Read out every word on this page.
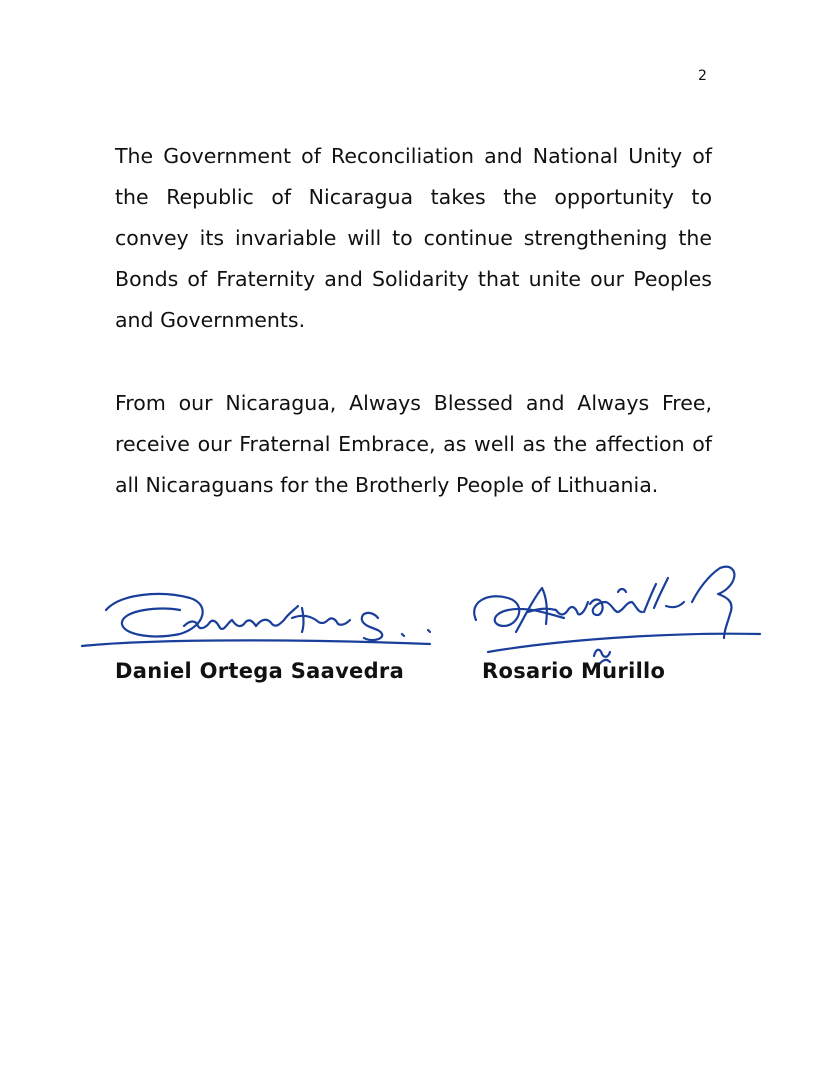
2

The Government of Reconciliation and National Unity of the Republic of Nicaragua takes the opportunity to convey its invariable will to continue strengthening the Bonds of Fraternity and Solidarity that unite our Peoples and Governments.

From our Nicaragua, Always Blessed and Always Free, receive our Fraternal Embrace, as well as the affection of all Nicaraguans for the Brotherly People of Lithuania.

Daniel Ortega Saavedra	Rosario Murillo
